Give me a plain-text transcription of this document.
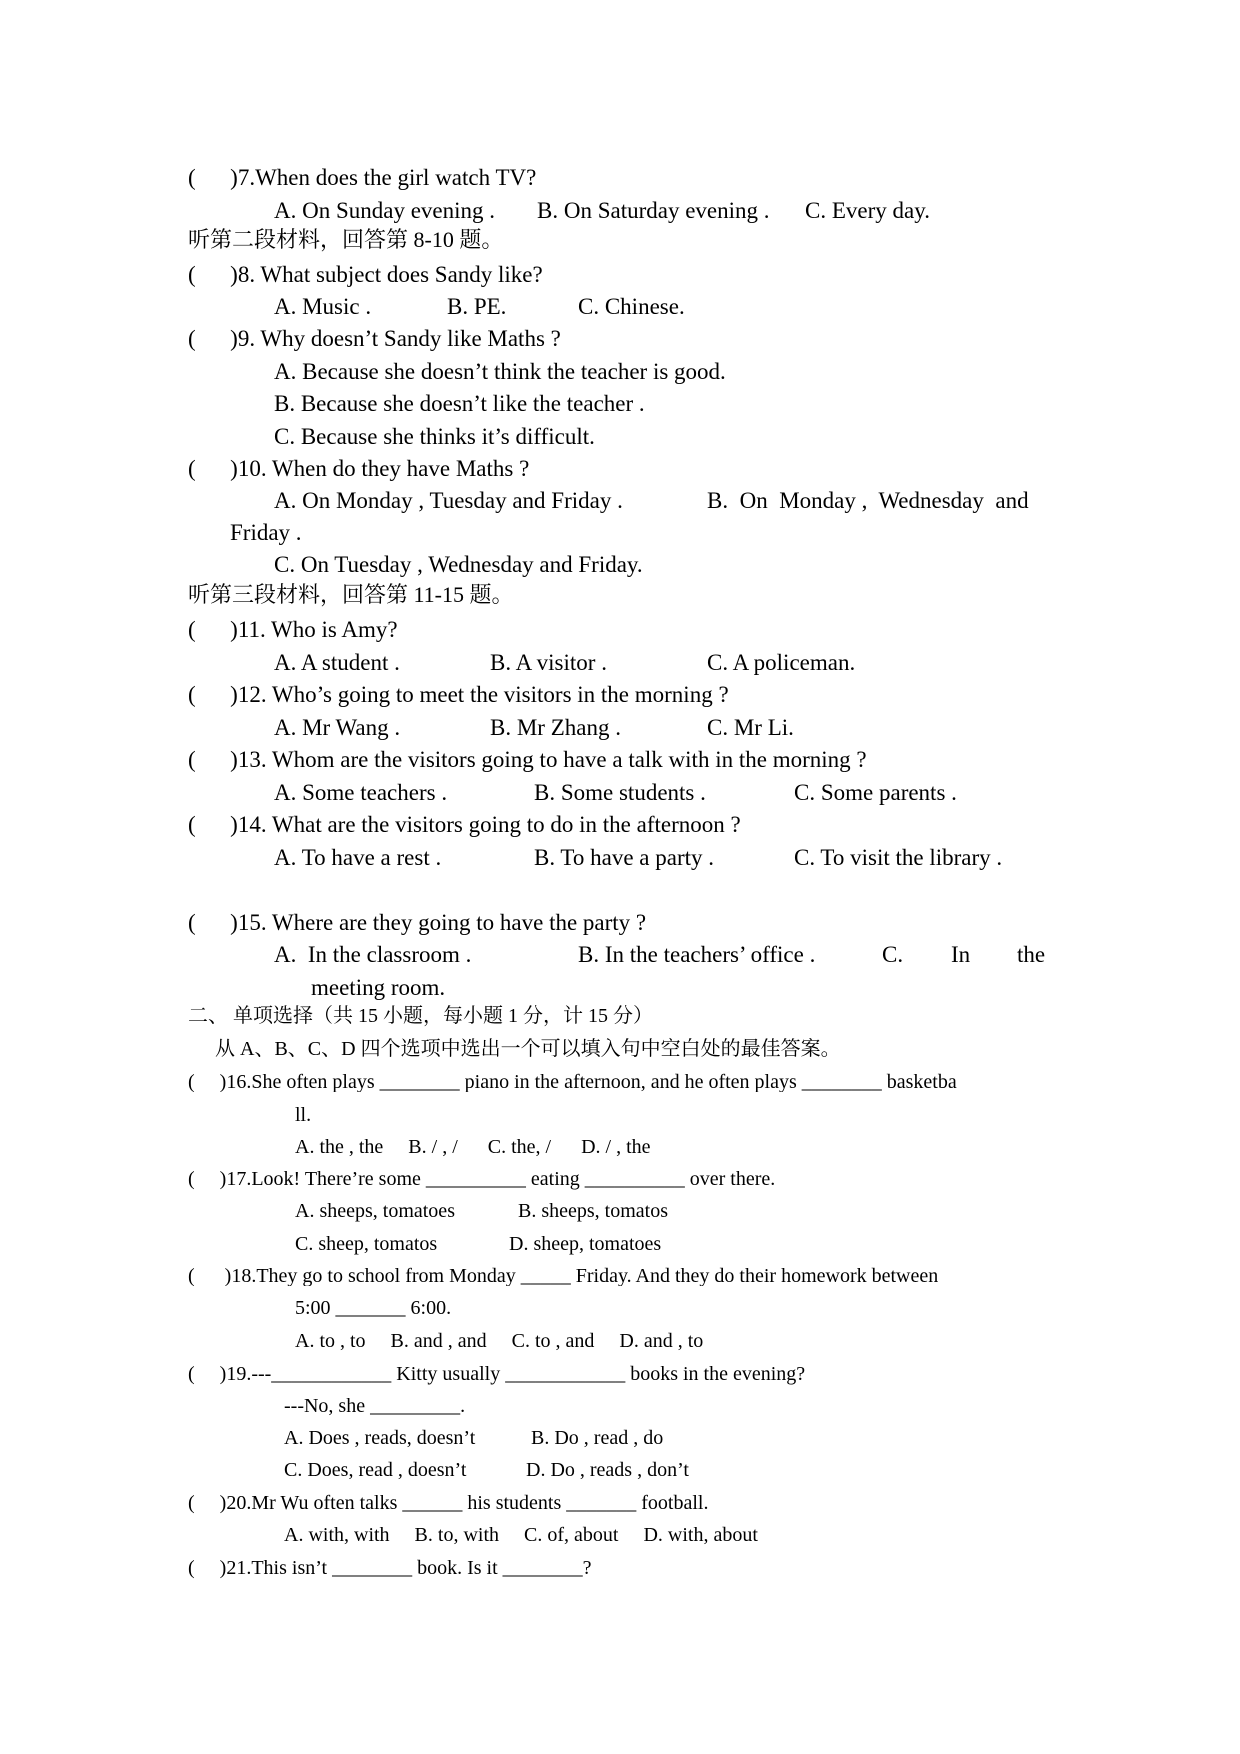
(      )7.When does the girl watch TV?
A. On Sunday evening . B. On Saturday evening . C. Every day.
听第二段材料，回答第 8-10 题。
(      )8. What subject does Sandy like?
A. Music .	B. PE.	C. Chinese.
(      )9. Why doesn’t Sandy like Maths ?
A. Because she doesn’t think the teacher is good.
B. Because she doesn’t like the teacher .
C. Because she thinks it’s difficult.
(      )10. When do they have Maths ?
A. On Monday , Tuesday and Friday .	B.  On  Monday ,  Wednesday  and
Friday .
C. On Tuesday , Wednesday and Friday.
听第三段材料，回答第 11-15 题。
(      )11. Who is Amy?
A. A student .	B. A visitor .	C. A policeman.
(      )12. Who’s going to meet the visitors in the morning ?
A. Mr Wang .	B. Mr Zhang .	C. Mr Li.
(      )13. Whom are the visitors going to have a talk with in the morning ?
A. Some teachers .	B. Some students .	C. Some parents .
(      )14. What are the visitors going to do in the afternoon ?
A. To have a rest .	B. To have a party .	C. To visit the library .
(      )15. Where are they going to have the party ?
A.  In the classroom .	B. In the teachers’ office .	C. In the
meeting room.
二、 单项选择（共 15 小题，每小题 1 分，计 15 分）
从 A、B、C、D 四个选项中选出一个可以填入句中空白处的最佳答案。
(     )16.She often plays ________ piano in the afternoon, and he often plays ________ basketba
ll.
A. the , the     B. / , /      C. the, /      D. / , the
(     )17.Look! There’re some __________ eating __________ over there.
A. sheeps, tomatoes	B. sheeps, tomatos
C. sheep, tomatos	D. sheep, tomatoes
(      )18.They go to school from Monday _____ Friday. And they do their homework between
5:00 _______ 6:00.
A. to , to     B. and , and     C. to , and     D. and , to
(     )19.---____________ Kitty usually ____________ books in the evening?
---No, she _________.
A. Does , reads, doesn’t	B. Do , read , do
C. Does, read , doesn’t	D. Do , reads , don’t
(     )20.Mr Wu often talks ______ his students _______ football.
A. with, with     B. to, with     C. of, about     D. with, about
(     )21.This isn’t ________ book. Is it ________?
